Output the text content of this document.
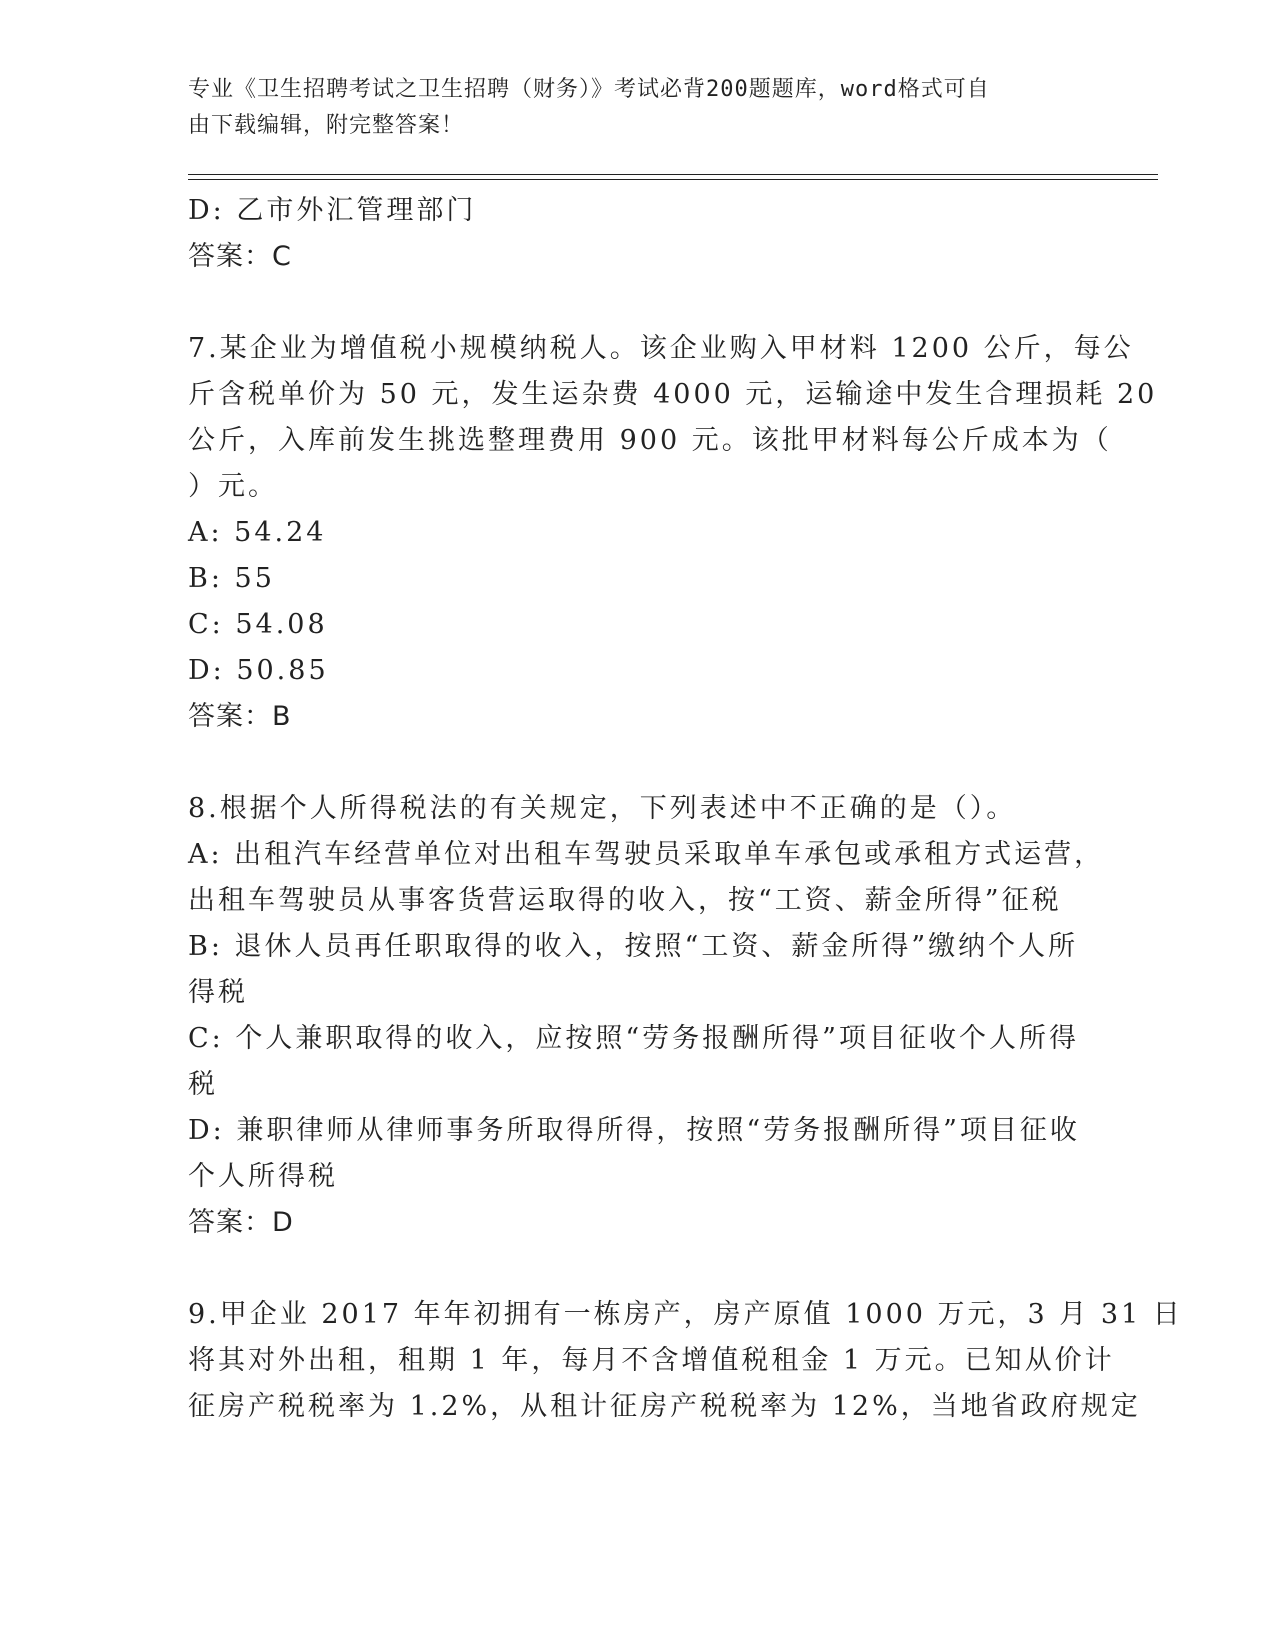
专业《卫生招聘考试之卫生招聘（财务）》考试必背200题题库，word格式可自
由下载编辑，附完整答案！
D: 乙市外汇管理部门
答案：C
7.某企业为增值税小规模纳税人。该企业购入甲材料 1200 公斤，每公
斤含税单价为 50 元，发生运杂费 4000 元，运输途中发生合理损耗 20
公斤，入库前发生挑选整理费用 900 元。该批甲材料每公斤成本为（
）元。
A: 54.24
B: 55
C: 54.08
D: 50.85
答案：B
8.根据个人所得税法的有关规定，下列表述中不正确的是（）。
A: 出租汽车经营单位对出租车驾驶员采取单车承包或承租方式运营，
出租车驾驶员从事客货营运取得的收入，按“工资、薪金所得”征税
B: 退休人员再任职取得的收入，按照“工资、薪金所得”缴纳个人所
得税
C: 个人兼职取得的收入，应按照“劳务报酬所得”项目征收个人所得
税
D: 兼职律师从律师事务所取得所得，按照“劳务报酬所得”项目征收
个人所得税
答案：D
9.甲企业 2017 年年初拥有一栋房产，房产原值 1000 万元，3 月 31 日
将其对外出租，租期 1 年，每月不含增值税租金 1 万元。已知从价计
征房产税税率为 1.2%，从租计征房产税税率为 12%，当地省政府规定
